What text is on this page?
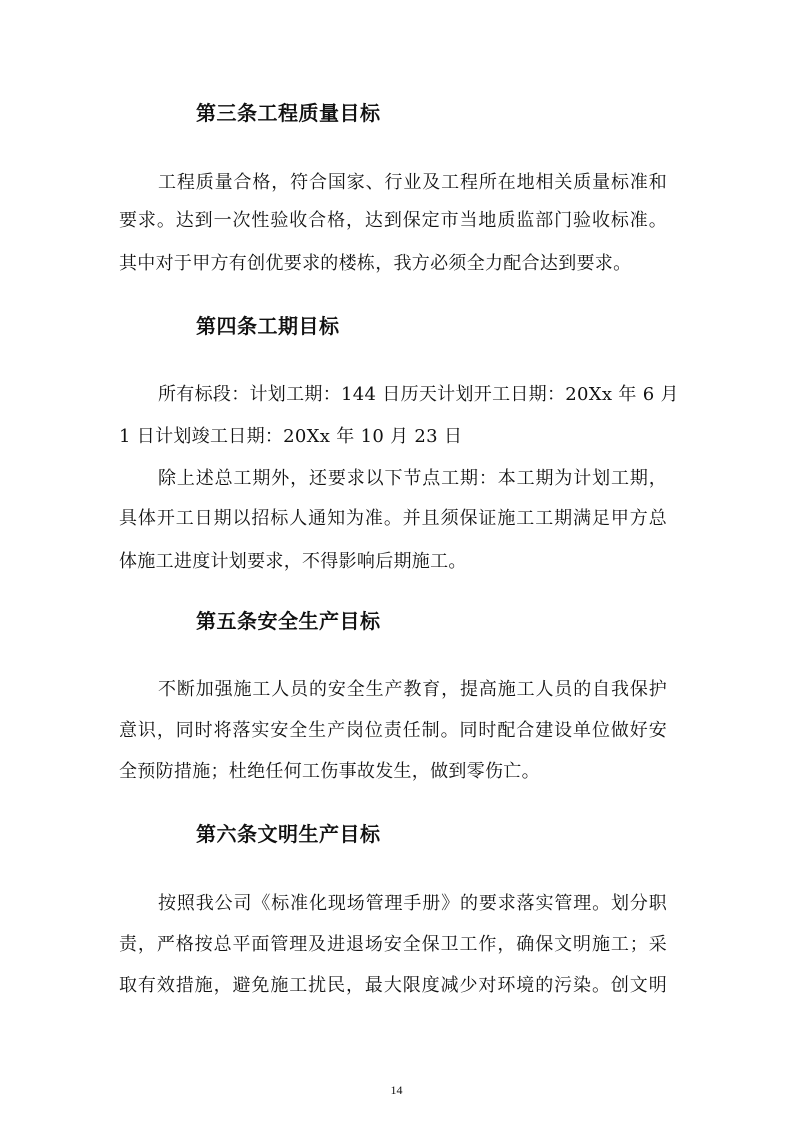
第三条工程质量目标
工程质量合格，符合国家、行业及工程所在地相关质量标准和
要求。达到一次性验收合格，达到保定市当地质监部门验收标准。
其中对于甲方有创优要求的楼栋，我方必须全力配合达到要求。
第四条工期目标
所有标段：计划工期：144 日历天计划开工日期：20Xx 年 6 月
1 日计划竣工日期：20Xx 年 10 月 23 日
除上述总工期外，还要求以下节点工期：本工期为计划工期，
具体开工日期以招标人通知为准。并且须保证施工工期满足甲方总
体施工进度计划要求，不得影响后期施工。
第五条安全生产目标
不断加强施工人员的安全生产教育，提高施工人员的自我保护
意识，同时将落实安全生产岗位责任制。同时配合建设单位做好安
全预防措施；杜绝任何工伤事故发生，做到零伤亡。
第六条文明生产目标
按照我公司《标准化现场管理手册》的要求落实管理。划分职
责，严格按总平面管理及进退场安全保卫工作，确保文明施工；采
取有效措施，避免施工扰民，最大限度减少对环境的污染。创文明
14
